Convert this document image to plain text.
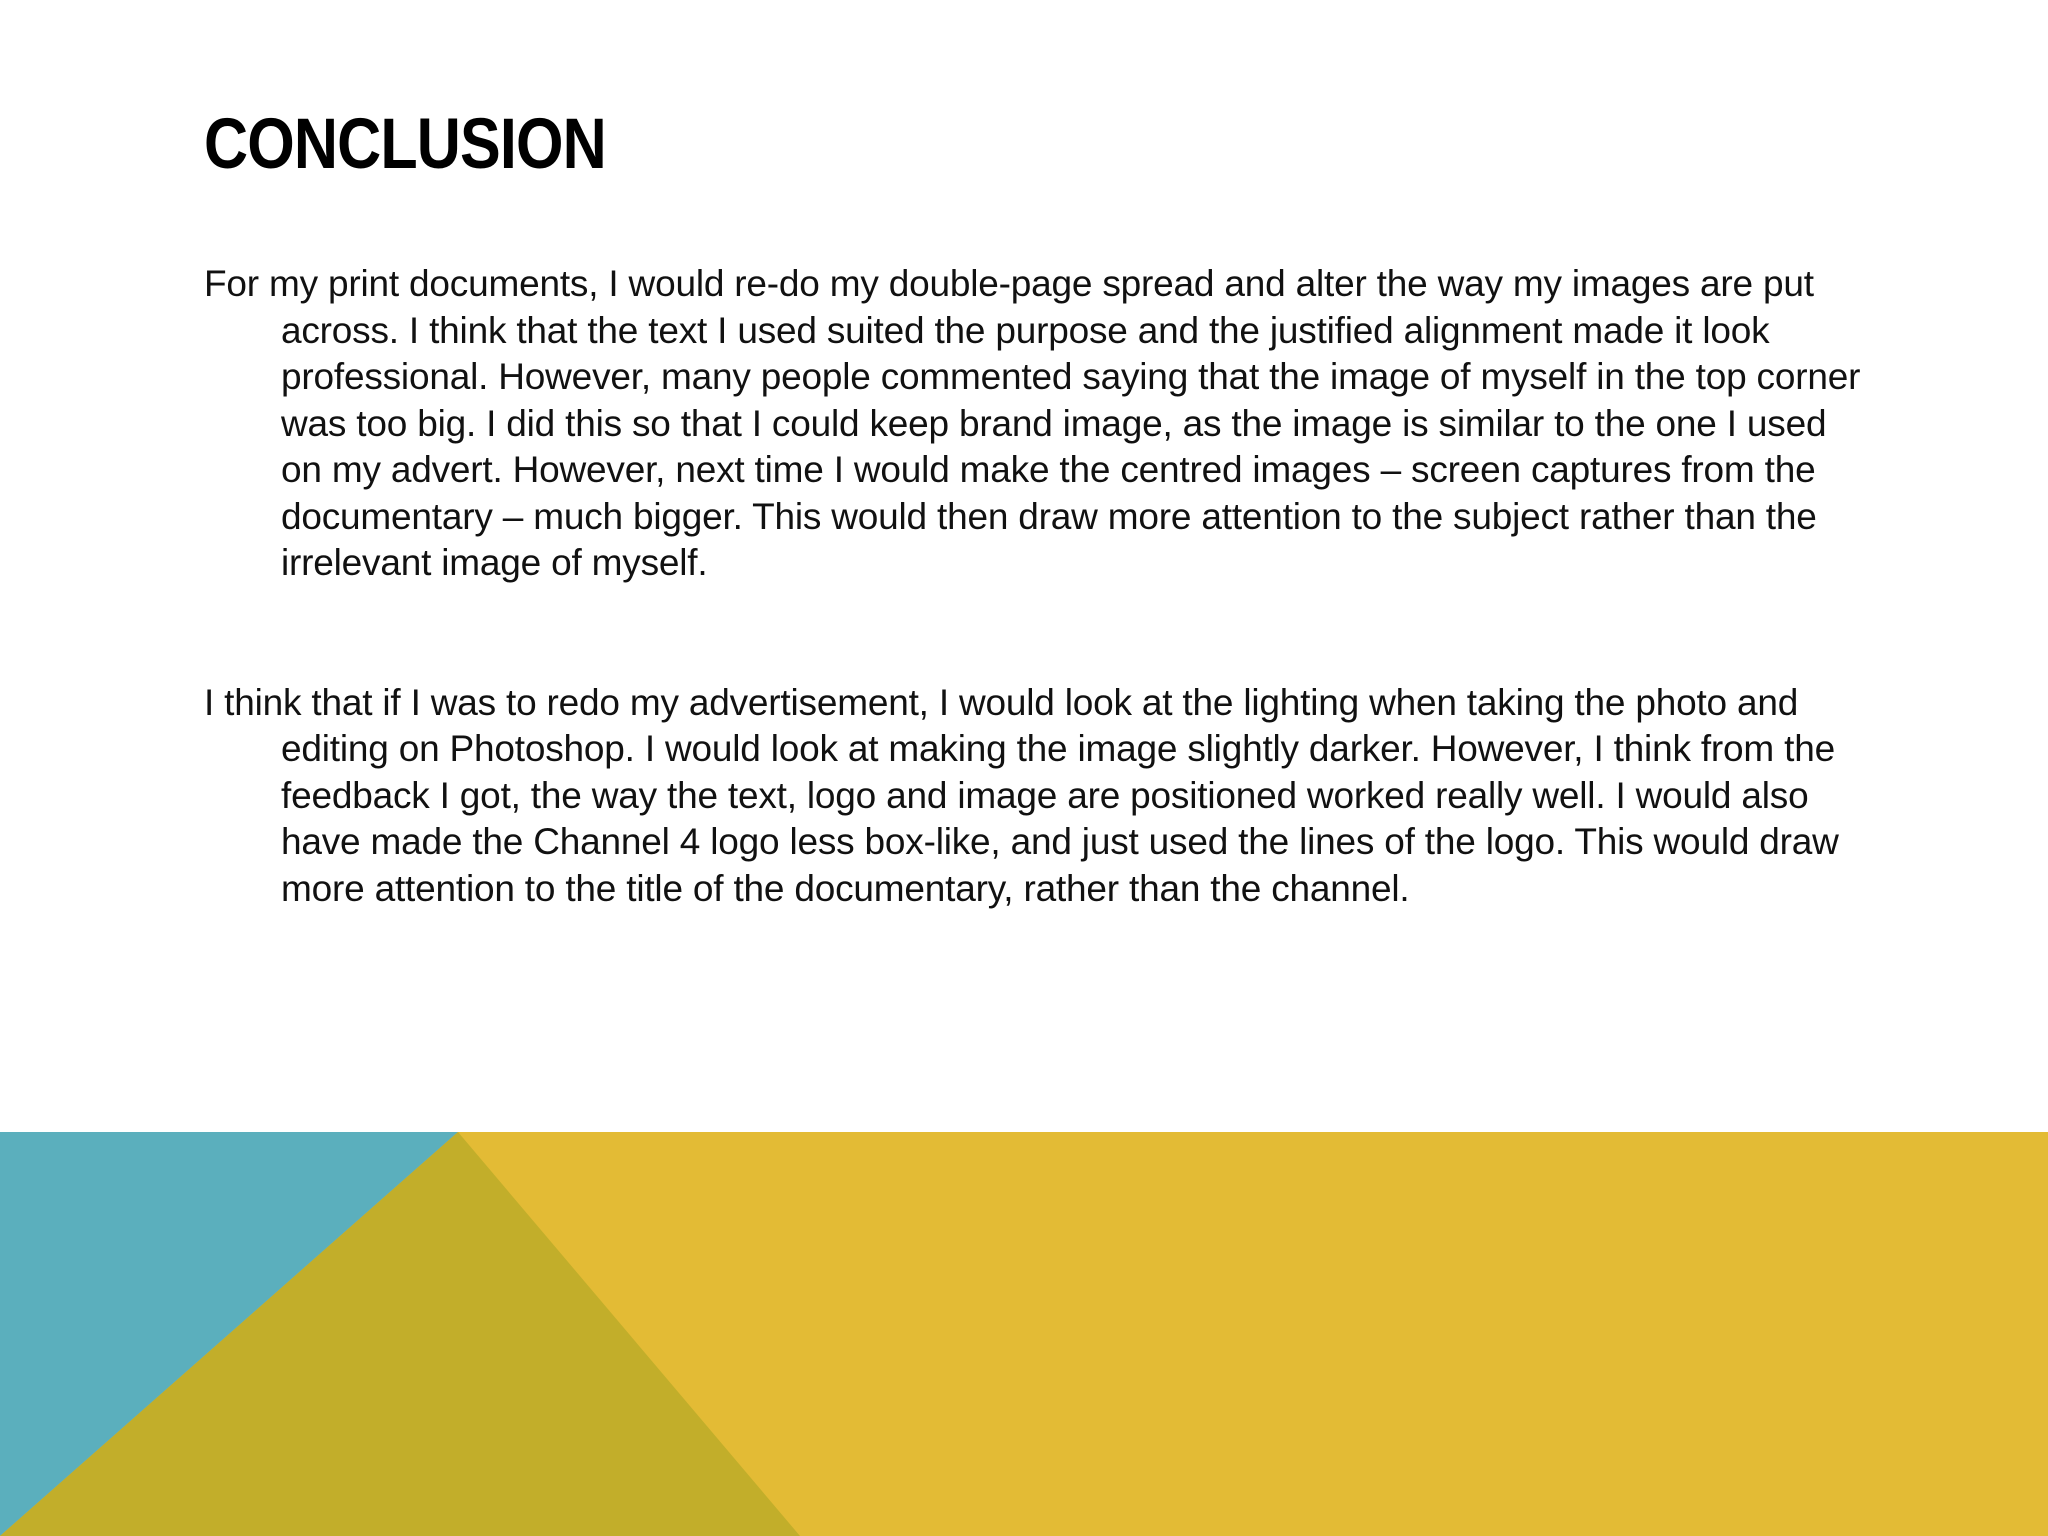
CONCLUSION

For my print documents, I would re-do my double-page spread and alter the way my images are put across. I think that the text I used suited the purpose and the justified alignment made it look professional. However, many people commented saying that the image of myself in the top corner was too big. I did this so that I could keep brand image, as the image is similar to the one I used on my advert. However, next time I would make the centred images – screen captures from the documentary – much bigger. This would then draw more attention to the subject rather than the irrelevant image of myself.

I think that if I was to redo my advertisement, I would look at the lighting when taking the photo and editing on Photoshop. I would look at making the image slightly darker. However, I think from the feedback I got, the way the text, logo and image are positioned worked really well. I would also have made the Channel 4 logo less box-like, and just used the lines of the logo. This would draw more attention to the title of the documentary, rather than the channel.
